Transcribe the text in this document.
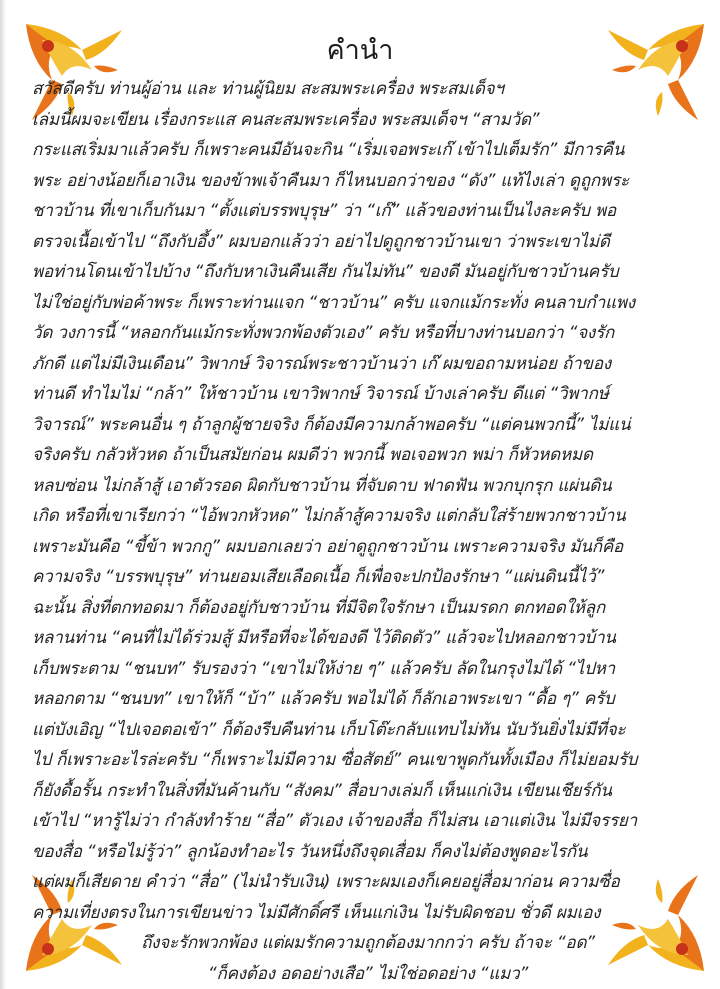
คำนำ
สวัสดีครับ ท่านผู้อ่าน และ ท่านผู้นิยม สะสมพระเครื่อง พระสมเด็จฯ
เล่มนี้ผมจะเขียน เรื่องกระแส คนสะสมพระเครื่อง พระสมเด็จฯ “สามวัด”
กระแสเริ่มมาแล้วครับ ก็เพราะคนมีอันจะกิน “เริ่มเจอพระเก๊ เข้าไปเต็มรัก” มีการคืน
พระ อย่างน้อยก็เอาเงิน ของข้าพเจ้าคืนมา ก็ไหนบอกว่าของ “ดัง” แท้ไงเล่า ดูถูกพระ
ชาวบ้าน ที่เขาเก็บกันมา “ตั้งแต่บรรพบุรุษ” ว่า “เก๊” แล้วของท่านเป็นไงละครับ พอ
ตรวจเนื้อเข้าไป “ถึงกับอึ้ง” ผมบอกแล้วว่า อย่าไปดูถูกชาวบ้านเขา ว่าพระเขาไม่ดี
พอท่านโดนเข้าไปบ้าง “ถึงกับหาเงินคืนเสีย กันไม่ทัน” ของดี มันอยู่กับชาวบ้านครับ
ไม่ใช่อยู่กับพ่อค้าพระ ก็เพราะท่านแจก “ชาวบ้าน” ครับ แจกแม้กระทั่ง คนลาบกำแพง
วัด วงการนี้ “หลอกกันแม้กระทั่งพวกพ้องตัวเอง” ครับ หรือที่บางท่านบอกว่า “จงรัก
ภักดี แต่ไม่มีเงินเดือน” วิพากษ์ วิจารณ์พระชาวบ้านว่า เก๊ ผมขอถามหน่อย ถ้าของ
ท่านดี ทำไมไม่ “กล้า” ให้ชาวบ้าน เขาวิพากษ์ วิจารณ์ บ้างเล่าครับ ดีแต่ “วิพากษ์
วิจารณ์” พระคนอื่น ๆ ถ้าลูกผู้ชายจริง ก็ต้องมีความกล้าพอครับ “แต่คนพวกนี้” ไม่แน่
จริงครับ กลัวหัวหด ถ้าเป็นสมัยก่อน ผมดีว่า พวกนี้ พอเจอพวก พม่า ก็หัวหดหมด
หลบซ่อน ไม่กล้าสู้ เอาตัวรอด ผิดกับชาวบ้าน ที่จับดาบ ฟาดฟัน พวกบุกรุก แผ่นดิน
เกิด หรือที่เขาเรียกว่า “ไอ้พวกหัวหด” ไม่กล้าสู้ความจริง แต่กลับใส่ร้ายพวกชาวบ้าน
เพราะมันคือ “ขี้ข้า พวกกู” ผมบอกเลยว่า อย่าดูถูกชาวบ้าน เพราะความจริง มันก็คือ
ความจริง “บรรพบุรุษ” ท่านยอมเสียเลือดเนื้อ ก็เพื่อจะปกป้องรักษา “แผ่นดินนี้ไว้”
ฉะนั้น สิ่งที่ตกทอดมา ก็ต้องอยู่กับชาวบ้าน ที่มีจิตใจรักษา เป็นมรดก ตกทอดให้ลูก
หลานท่าน “คนที่ไม่ได้ร่วมสู้ มีหรือที่จะได้ของดี ไว้ติดตัว” แล้วจะไปหลอกชาวบ้าน
เก็บพระตาม “ชนบท” รับรองว่า “เขาไม่ให้ง่าย ๆ” แล้วครับ ลัดในกรุงไม่ได้ “ไปหา
หลอกตาม “ชนบท” เขาให้ก็ “บ้า” แล้วครับ พอไม่ได้ ก็ลักเอาพระเขา “ดื้อ ๆ” ครับ
แต่บังเอิญ “ไปเจอตอเข้า” ก็ต้องรีบคืนท่าน เก็บโต๊ะกลับแทบไม่ทัน นับวันยิ่งไม่มีที่จะ
ไป ก็เพราะอะไรล่ะครับ “ก็เพราะไม่มีความ ซื่อสัตย์” คนเขาพูดกันทั้งเมือง ก็ไม่ยอมรับ
ก็ยังดื้อรั้น กระทำในสิ่งที่มันค้านกับ “สังคม” สื่อบางเล่มก็ เห็นแก่เงิน เขียนเชียร์กัน
เข้าไป “หารู้ไม่ว่า กำลังทำร้าย “สื่อ” ตัวเอง เจ้าของสื่อ ก็ไม่สน เอาแต่เงิน ไม่มีจรรยา
ของสื่อ “หรือไม่รู้ว่า” ลูกน้องทำอะไร วันหนึ่งถึงจุดเสื่อม ก็คงไม่ต้องพูดอะไรกัน
แต่ผมก็เสียดาย คำว่า “สื่อ” (ไม่นำรับเงิน) เพราะผมเองก็เคยอยู่สื่อมาก่อน ความซื่อ
ความเที่ยงตรงในการเขียนข่าว ไม่มีศักดิ์ศรี เห็นแก่เงิน ไม่รับผิดชอบ ชั่วดี ผมเอง
ถึงจะรักพวกพ้อง แต่ผมรักความถูกต้องมากกว่า ครับ ถ้าจะ “อด”
“ก็คงต้อง อดอย่างเสือ” ไม่ใช่อดอย่าง “แมว”
